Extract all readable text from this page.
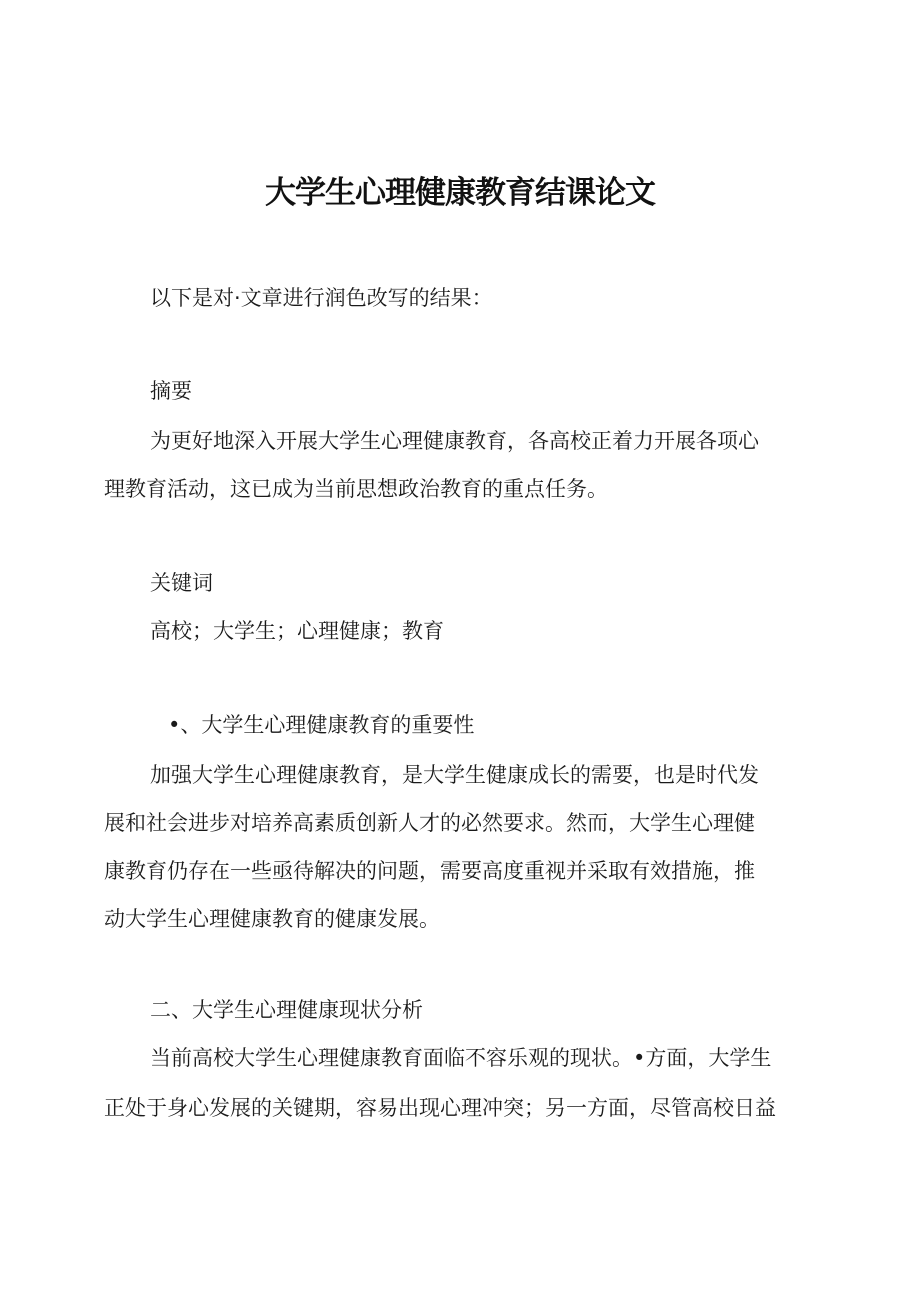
大学生心理健康教育结课论文

以下是对·文章进行润色改写的结果：

摘要

为更好地深入开展大学生心理健康教育，各高校正着力开展各项心

理教育活动，这已成为当前思想政治教育的重点任务。

关键词

高校；大学生；心理健康；教育

•、大学生心理健康教育的重要性

加强大学生心理健康教育，是大学生健康成长的需要，也是时代发

展和社会进步对培养高素质创新人才的必然要求。然而，大学生心理健

康教育仍存在一些亟待解决的问题，需要高度重视并采取有效措施，推

动大学生心理健康教育的健康发展。

二、大学生心理健康现状分析

当前高校大学生心理健康教育面临不容乐观的现状。•方面，大学生

正处于身心发展的关键期，容易出现心理冲突；另一方面，尽管高校日益
